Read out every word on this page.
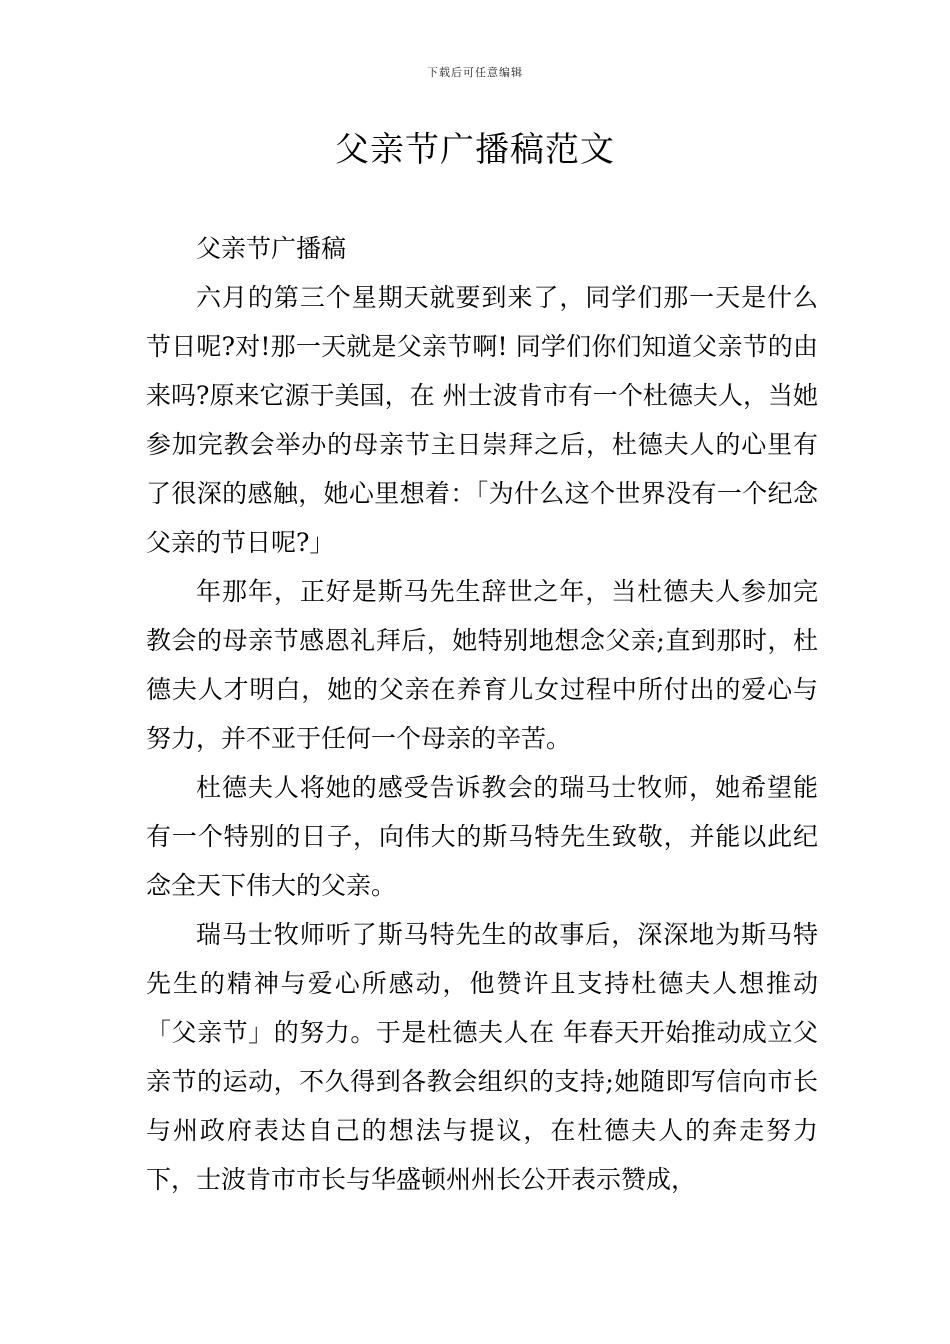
下载后可任意编辑
父亲节广播稿范文

父亲节广播稿

六月的第三个星期天就要到来了，同学们那一天是什么节日呢?对!那一天就是父亲节啊! 同学们你们知道父亲节的由来吗?原来它源于美国，在 州士波肯市有一个杜德夫人，当她参加完教会举办的母亲节主日崇拜之后，杜德夫人的心里有了很深的感触，她心里想着：「为什么这个世界没有一个纪念父亲的节日呢?」

年那年，正好是斯马先生辞世之年，当杜德夫人参加完教会的母亲节感恩礼拜后，她特别地想念父亲;直到那时，杜德夫人才明白，她的父亲在养育儿女过程中所付出的爱心与努力，并不亚于任何一个母亲的辛苦。

杜德夫人将她的感受告诉教会的瑞马士牧师，她希望能有一个特别的日子，向伟大的斯马特先生致敬，并能以此纪念全天下伟大的父亲。

瑞马士牧师听了斯马特先生的故事后，深深地为斯马特先生的精神与爱心所感动，他赞许且支持杜德夫人想推动「父亲节」的努力。于是杜德夫人在 年春天开始推动成立父亲节的运动，不久得到各教会组织的支持;她随即写信向市长与州政府表达自己的想法与提议，在杜德夫人的奔走努力下，士波肯市市长与华盛顿州州长公开表示赞成，
